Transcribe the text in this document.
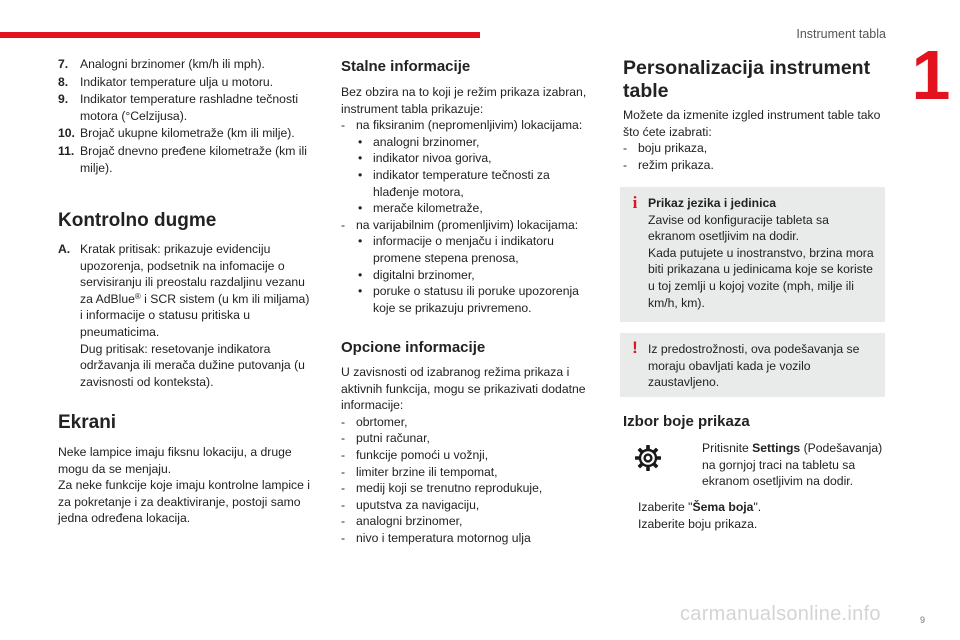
Instrument tabla
1
7. Analogni brzinomer (km/h ili mph).
8. Indikator temperature ulja u motoru.
9. Indikator temperature rashladne tečnosti motora (°Celzijusa).
10. Brojač ukupne kilometraže (km ili milje).
11. Brojač dnevno pređene kilometraže (km ili milje).
Kontrolno dugme
A. Kratak pritisak: prikazuje evidenciju upozorenja, podsetnik na infomacije o servisiranju ili preostalu razdaljinu vezanu za AdBlue® i SCR sistem (u km ili miljama) i informacije o statusu pritiska u pneumaticima.
Dug pritisak: resetovanje indikatora održavanja ili merača dužine putovanja (u zavisnosti od konteksta).
Ekrani
Neke lampice imaju fiksnu lokaciju, a druge mogu da se menjaju.
Za neke funkcije koje imaju kontrolne lampice i za pokretanje i za deaktiviranje, postoji samo jedna određena lokacija.
Stalne informacije
Bez obzira na to koji je režim prikaza izabran, instrument tabla prikazuje:
- na fiksiranim (nepromenljivim) lokacijama:
• analogni brzinomer,
• indikator nivoa goriva,
• indikator temperature tečnosti za hlađenje motora,
• merače kilometraže,
- na varijabilnim (promenljivim) lokacijama:
• informacije o menjaču i indikatoru promene stepena prenosa,
• digitalni brzinomer,
• poruke o statusu ili poruke upozorenja koje se prikazuju privremeno.
Opcione informacije
U zavisnosti od izabranog režima prikaza i aktivnih funkcija, mogu se prikazivati dodatne informacije:
- obrtomer,
- putni računar,
- funkcije pomoći u vožnji,
- limiter brzine ili tempomat,
- medij koji se trenutno reprodukuje,
- uputstva za navigaciju,
- analogni brzinomer,
- nivo i temperatura motornog ulja
Personalizacija instrument table
Možete da izmenite izgled instrument table tako što ćete izabrati:
- boju prikaza,
- režim prikaza.
i Prikaz jezika i jedinica
Zavise od konfiguracije tableta sa ekranom osetljivim na dodir.
Kada putujete u inostranstvo, brzina mora biti prikazana u jedinicama koje se koriste u toj zemlji u kojoj vozite (mph, milje ili km/h, km).
! Iz predostrožnosti, ova podešavanja se moraju obavljati kada je vozilo zaustavljeno.
Izbor boje prikaza
Pritisnite Settings (Podešavanja) na gornjoj traci na tabletu sa ekranom osetljivim na dodir.
Izaberite "Šema boja".
Izaberite boju prikaza.
9
carmanualsonline.info
